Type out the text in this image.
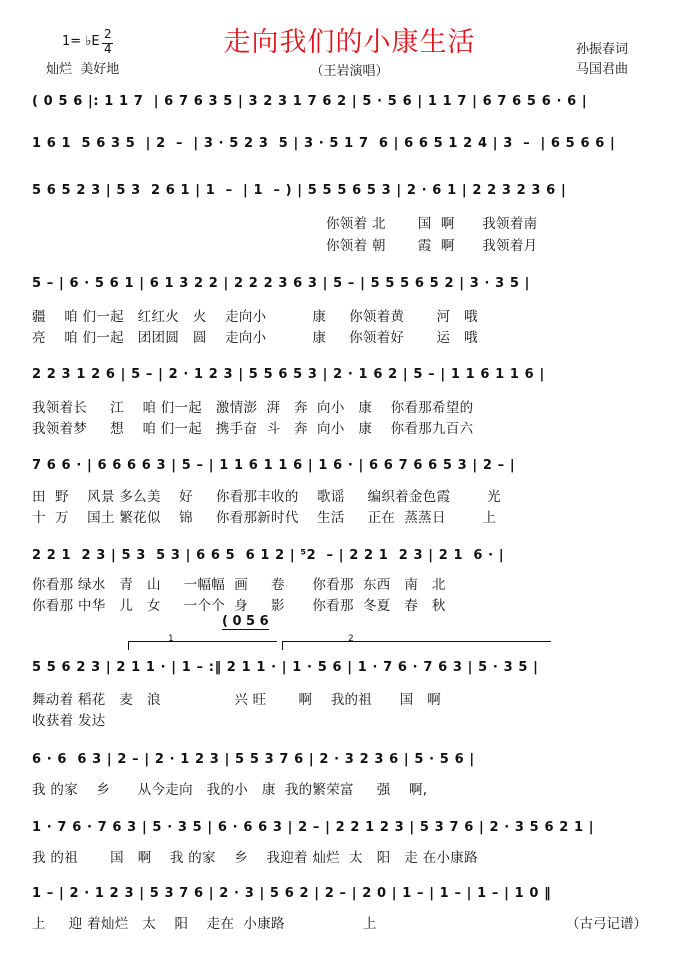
1= ♭E 2
4
灿烂  美好地
走向我们的小康生活
（王岩演唱）
孙振春词
马国君曲
( 0 5 6 |: 1 1 7  | 6 7 6 3 5 | 3 2 3 1 7 6 2 | 5 · 5 6 | 1 1 7 | 6 7 6 5 6 · 6 |
1 6 1  5 6 3 5  | 2  –  | 3 · 5 2 3  5 | 3 · 5 1 7  6 | 6 6 5 1 2 4 | 3  –  | 6 5 6 6 |
5 6 5 2 3 | 5 3  2 6 1 | 1  –  | 1  – ) | 5 5 5 6 5 3 | 2 · 6 1 | 2 2 3 2 3 6 |
你领着 北       国  啊      我领着南
你领着 朝       霞  啊      我领着月
5 – | 6 · 5 6 1 | 6 1 3 2 2 | 2 2 2 3 6 3 | 5 – | 5 5 5 6 5 2 | 3 · 3 5 |
疆    咱 们一起   红红火   火    走向小          康     你领着黄       河   哦
亮    咱 们一起   团团圆   圆    走向小          康     你领着好       运   哦
2 2 3 1 2 6 | 5 – | 2 · 1 2 3 | 5 5 6 5 3 | 2 · 1 6 2 | 5 – | 1 1 6 1 1 6 |
我领着长     江    咱 们一起   激情澎  湃   奔  向小   康    你看那希望的
我领着梦     想    咱 们一起   携手奋  斗   奔  向小   康    你看那九百六
7 6 6 · | 6 6 6 6 3 | 5 – | 1 1 6 1 1 6 | 1 6 · | 6 6 7 6 6 5 3 | 2 – |
田  野    风景 多么美    好     你看那丰收的    歌谣     编织着金色霞        光
十  万    国土 繁花似    锦     你看那新时代    生活     正在  蒸蒸日        上
2 2 1  2 3 | 5 3  5 3 | 6 6 5  6 1 2 | ⁵2  – | 2 2 1  2 3 | 2 1  6 · |
你看那 绿水   青   山     一幅幅  画     卷      你看那  东西   南   北
你看那 中华   儿   女     一个个  身     影      你看那  冬夏   春   秋
( 0 5 6
1	2
5 5 6 2 3 | 2 1 1 · | 1 – :‖ 2 1 1 · | 1 · 5 6 | 1 · 7 6 · 7 6 3 | 5 · 3 5 |
舞动着 稻花   麦   浪                兴 旺       啊    我的祖      国   啊
收获着 发达
6 · 6  6 3 | 2 – | 2 · 1 2 3 | 5 5 3 7 6 | 2 · 3 2 3 6 | 5 · 5 6 |
我 的家    乡      从今走向   我的小   康  我的繁荣富     强    啊,
1 · 7 6 · 7 6 3 | 5 · 3 5 | 6 · 6 6 3 | 2 – | 2 2 1 2 3 | 5 3 7 6 | 2 · 3 5 6 2 1 |
我 的祖       国   啊    我 的家    乡    我迎着 灿烂  太   阳   走 在小康路
1 – | 2 · 1 2 3 | 5 3 7 6 | 2 · 3 | 5 6 2 | 2 – | 2 0 | 1 – | 1 – | 1 – | 1 0 ‖
上     迎 着灿烂   太    阳    走在  小康路                 上	（古弓记谱）
